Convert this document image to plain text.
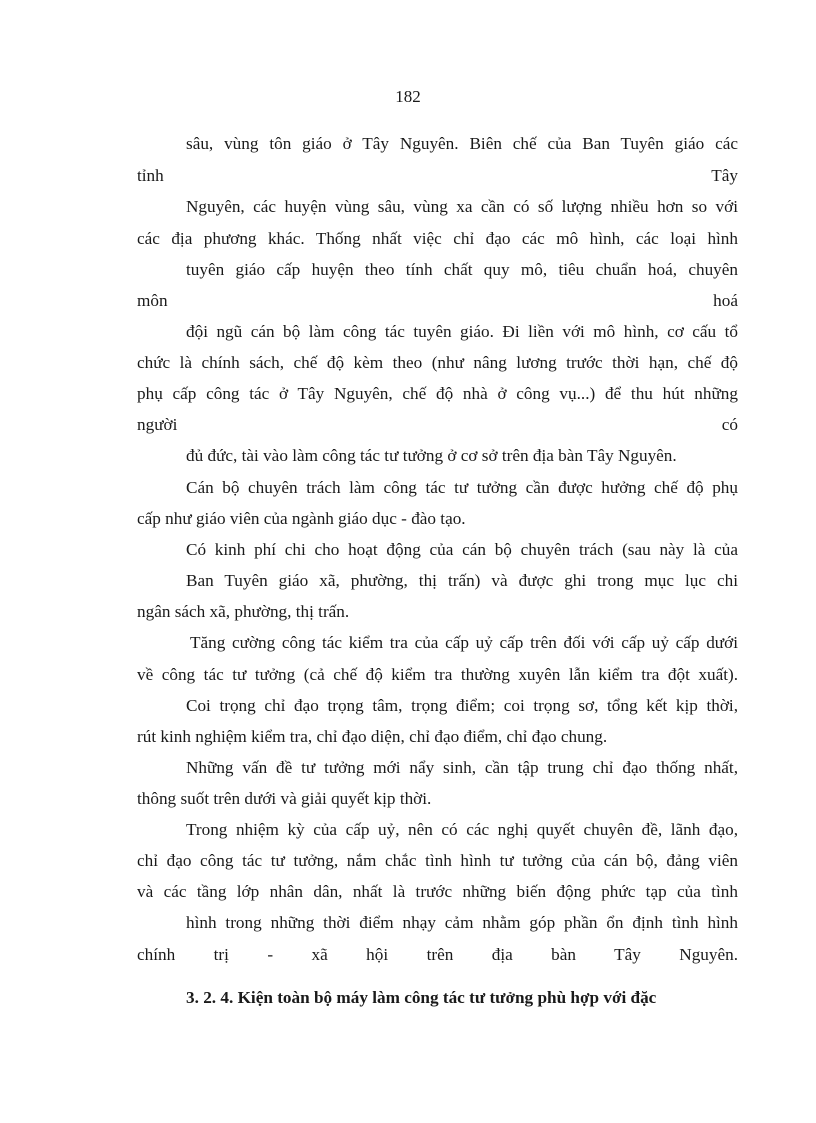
182
sâu, vùng tôn giáo ở Tây Nguyên. Biên chế của Ban Tuyên giáo các
tỉnh	Tây
Nguyên, các huyện vùng sâu, vùng xa cần có số lượng nhiều hơn so với
các địa phương khác. Thống nhất việc chỉ đạo các mô hình, các loại hình
tuyên giáo cấp huyện theo tính chất quy mô, tiêu chuẩn hoá, chuyên
môn	hoá
đội ngũ cán bộ làm công tác tuyên giáo. Đi liền với mô hình, cơ cấu tổ
chức là chính sách, chế độ kèm theo (như nâng lương trước thời hạn, chế độ
phụ cấp công tác ở Tây Nguyên, chế độ nhà ở công vụ...) để thu hút những
người	có
đủ đức, tài vào làm công tác tư tưởng ở cơ sở trên địa bàn Tây Nguyên.
Cán bộ chuyên trách làm công tác tư tưởng cần được hưởng chế độ phụ
cấp như giáo viên của ngành giáo dục - đào tạo.
Có kinh phí chi cho hoạt động của cán bộ chuyên trách (sau này là của
Ban Tuyên giáo xã, phường, thị trấn) và được ghi trong mục lục chi
ngân sách xã, phường, thị trấn.
Tăng cường công tác kiểm tra của cấp uỷ cấp trên đối với cấp uỷ cấp dưới
về công tác tư tưởng (cả chế độ kiểm tra thường xuyên lẫn kiểm tra đột xuất).
Coi trọng chỉ đạo trọng tâm, trọng điểm; coi trọng sơ, tổng kết kịp thời,
rút kinh nghiệm kiểm tra, chỉ đạo diện, chỉ đạo điểm, chỉ đạo chung.
Những vấn đề tư tưởng mới nẩy sinh, cần tập trung chỉ đạo thống nhất,
thông suốt trên dưới và giải quyết kịp thời.
Trong nhiệm kỳ của cấp uỷ, nên có các nghị quyết chuyên đề, lãnh đạo,
chỉ đạo công tác tư tưởng, nắm chắc tình hình tư tưởng của cán bộ, đảng viên
và các tầng lớp nhân dân, nhất là trước những biến động phức tạp của tình
hình trong những thời điểm nhạy cảm nhằm góp phần ổn định tình hình
chính trị - xã hội trên địa bàn Tây Nguyên.
3. 2. 4. Kiện toàn bộ máy làm công tác tư tưởng phù hợp với đặc
